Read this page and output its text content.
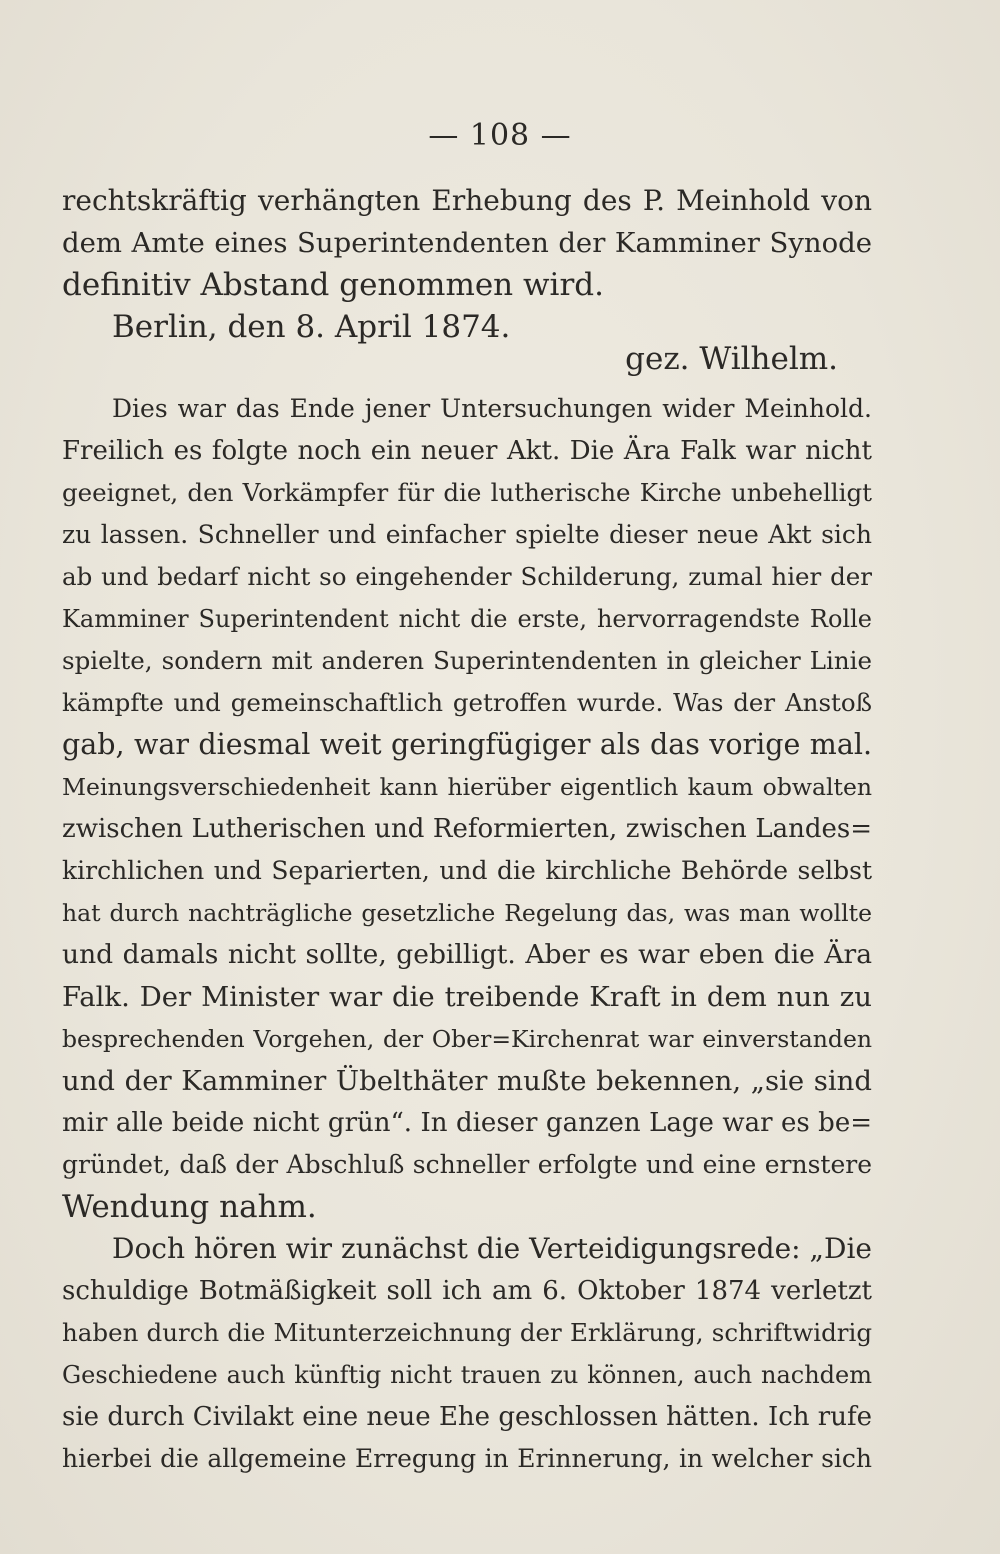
— 108 —
rechtskräftig verhängten Erhebung des P. Meinhold von
dem Amte eines Superintendenten der Kamminer Synode
definitiv Abstand genommen wird.
Berlin, den 8. April 1874.
gez. Wilhelm.
Dies war das Ende jener Untersuchungen wider Meinhold.
Freilich es folgte noch ein neuer Akt. Die Ära Falk war nicht
geeignet, den Vorkämpfer für die lutherische Kirche unbehelligt
zu lassen. Schneller und einfacher spielte dieser neue Akt sich
ab und bedarf nicht so eingehender Schilderung, zumal hier der
Kamminer Superintendent nicht die erste, hervorragendste Rolle
spielte, sondern mit anderen Superintendenten in gleicher Linie
kämpfte und gemeinschaftlich getroffen wurde. Was der Anstoß
gab, war diesmal weit geringfügiger als das vorige mal.
Meinungsverschiedenheit kann hierüber eigentlich kaum obwalten
zwischen Lutherischen und Reformierten, zwischen Landes=
kirchlichen und Separierten, und die kirchliche Behörde selbst
hat durch nachträgliche gesetzliche Regelung das, was man wollte
und damals nicht sollte, gebilligt. Aber es war eben die Ära
Falk. Der Minister war die treibende Kraft in dem nun zu
besprechenden Vorgehen, der Ober=Kirchenrat war einverstanden
und der Kamminer Übelthäter mußte bekennen, „sie sind
mir alle beide nicht grün“. In dieser ganzen Lage war es be=
gründet, daß der Abschluß schneller erfolgte und eine ernstere
Wendung nahm.
Doch hören wir zunächst die Verteidigungsrede: „Die
schuldige Botmäßigkeit soll ich am 6. Oktober 1874 verletzt
haben durch die Mitunterzeichnung der Erklärung, schriftwidrig
Geschiedene auch künftig nicht trauen zu können, auch nachdem
sie durch Civilakt eine neue Ehe geschlossen hätten. Ich rufe
hierbei die allgemeine Erregung in Erinnerung, in welcher sich
